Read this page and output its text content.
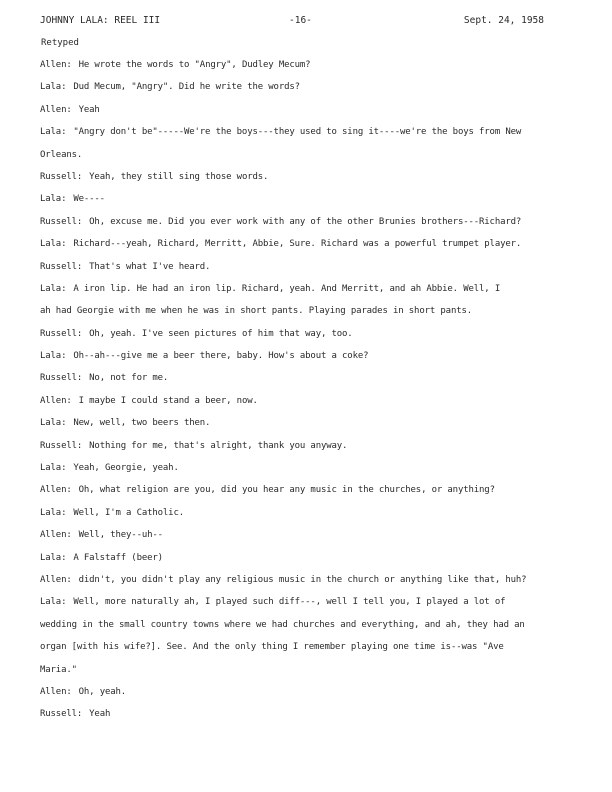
JOHNNY LALA: REEL III	-16-	Sept. 24, 1958
Retyped
Allen: He wrote the words to "Angry", Dudley Mecum?
Lala: Dud Mecum, "Angry". Did he write the words?
Allen: Yeah
Lala: "Angry don't be"-----We're the boys---they used to sing it----we're the boys from New
Orleans.
Russell: Yeah, they still sing those words.
Lala: We----
Russell: Oh, excuse me. Did you ever work with any of the other Brunies brothers---Richard?
Lala: Richard---yeah, Richard, Merritt, Abbie, Sure. Richard was a powerful trumpet player.
Russell: That's what I've heard.
Lala: A iron lip. He had an iron lip. Richard, yeah. And Merritt, and ah Abbie. Well, I
ah had Georgie with me when he was in short pants. Playing parades in short pants.
Russell: Oh, yeah. I've seen pictures of him that way, too.
Lala: Oh--ah---give me a beer there, baby. How's about a coke?
Russell: No, not for me.
Allen: I maybe I could stand a beer, now.
Lala: New, well, two beers then.
Russell: Nothing for me, that's alright, thank you anyway.
Lala: Yeah, Georgie, yeah.
Allen: Oh, what religion are you, did you hear any music in the churches, or anything?
Lala: Well, I'm a Catholic.
Allen: Well, they--uh--
Lala: A Falstaff (beer)
Allen: didn't, you didn't play any religious music in the church or anything like that, huh?
Lala: Well, more naturally ah, I played such diff---, well I tell you, I played a lot of
wedding in the small country towns where we had churches and everything, and ah, they had an
organ [with his wife?]. See. And the only thing I remember playing one time is--was "Ave
Maria."
Allen: Oh, yeah.
Russell: Yeah
